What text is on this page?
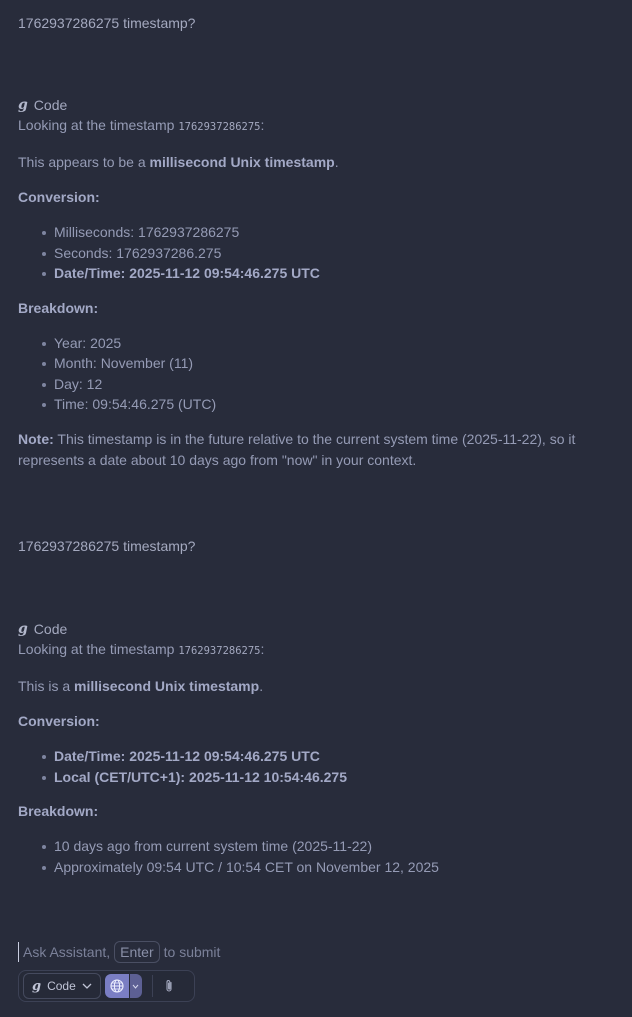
1762937286275 timestamp?
g Code

Looking at the timestamp 1762937286275:

This appears to be a millisecond Unix timestamp.

Conversion:

Milliseconds: 1762937286275
Seconds: 1762937286.275
Date/Time: 2025-11-12 09:54:46.275 UTC

Breakdown:

Year: 2025
Month: November (11)
Day: 12
Time: 09:54:46.275 (UTC)

Note: This timestamp is in the future relative to the current system time (2025-11-22), so it represents a date about 10 days ago from "now" in your context.

1762937286275 timestamp?
g Code

Looking at the timestamp 1762937286275:

This is a millisecond Unix timestamp.

Conversion:

Date/Time: 2025-11-12 09:54:46.275 UTC
Local (CET/UTC+1): 2025-11-12 10:54:46.275

Breakdown:

10 days ago from current system time (2025-11-22)
Approximately 09:54 UTC / 10:54 CET on November 12, 2025
Ask Assistant, Enter to submit
g Code
